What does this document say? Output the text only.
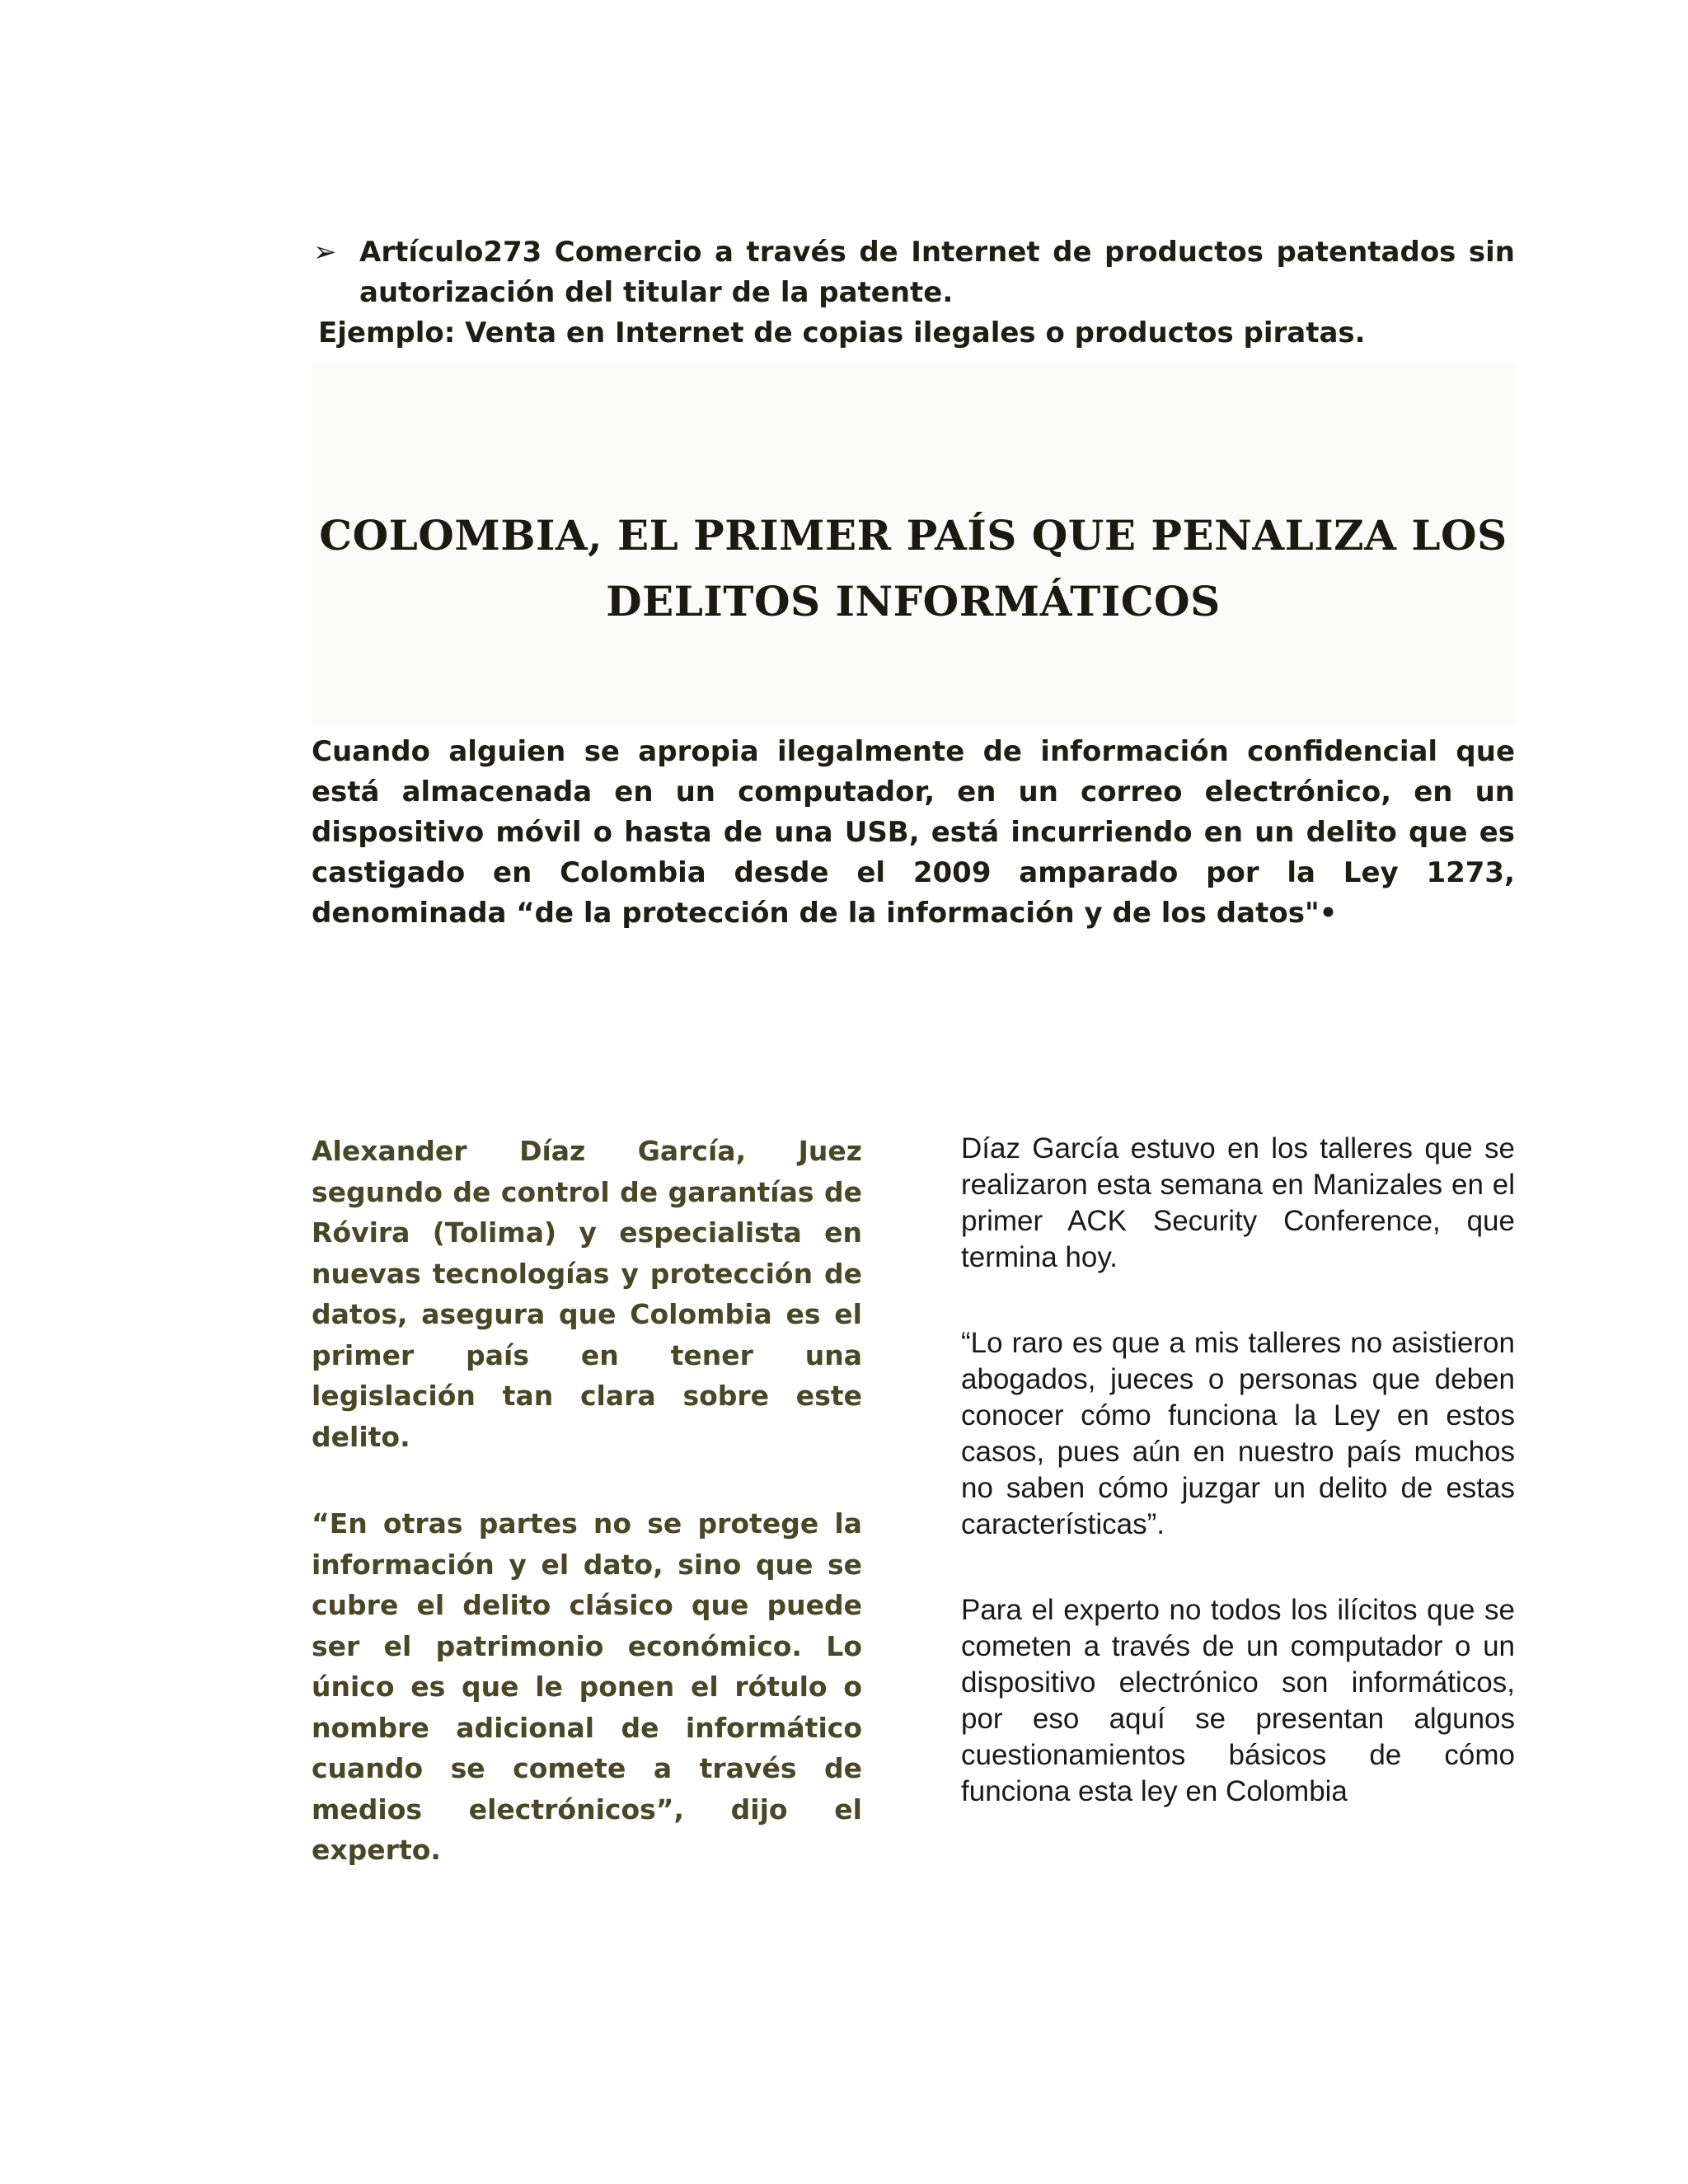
➢ Artículo273 Comercio a través de Internet de productos patentados sin autorización del titular de la patente.
Ejemplo: Venta en Internet de copias ilegales o productos piratas.
COLOMBIA, EL PRIMER PAÍS QUE PENALIZA LOS DELITOS INFORMÁTICOS
Cuando alguien se apropia ilegalmente de información confidencial que está almacenada en un computador, en un correo electrónico, en un dispositivo móvil o hasta de una USB, está incurriendo en un delito que es castigado en Colombia desde el 2009 amparado por la Ley 1273, denominada “de la protección de la información y de los datos"•

Alexander Díaz García, Juez segundo de control de garantías de Róvira (Tolima) y especialista en nuevas tecnologías y protección de datos, asegura que Colombia es el primer país en tener una legislación tan clara sobre este delito.

“En otras partes no se protege la información y el dato, sino que se cubre el delito clásico que puede ser el patrimonio económico. Lo único es que le ponen el rótulo o nombre adicional de informático cuando se comete a través de medios electrónicos”, dijo el experto.

Díaz García estuvo en los talleres que se realizaron esta semana en Manizales en el primer ACK Security Conference, que termina hoy.

“Lo raro es que a mis talleres no asistieron abogados, jueces o personas que deben conocer cómo funciona la Ley en estos casos, pues aún en nuestro país muchos no saben cómo juzgar un delito de estas características”.

Para el experto no todos los ilícitos que se cometen a través de un computador o un dispositivo electrónico son informáticos, por eso aquí se presentan algunos cuestionamientos básicos de cómo funciona esta ley en Colombia
